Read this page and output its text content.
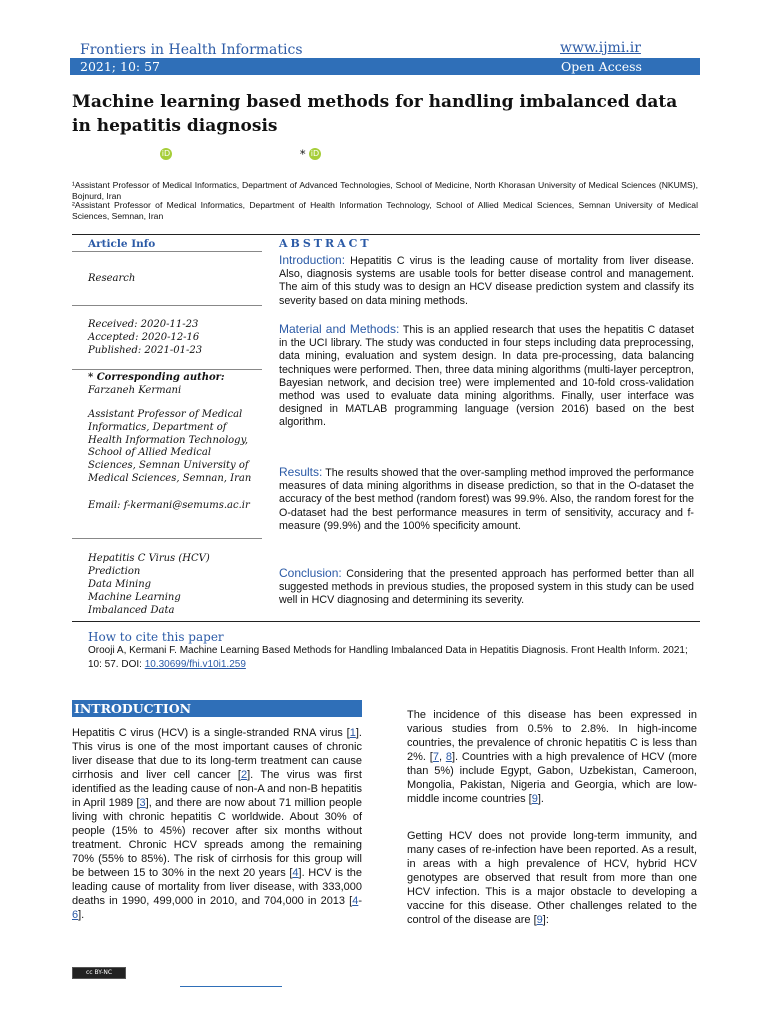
Frontiers in Health Informatics	www.ijmi.ir
2021; 10: 57	Open Access
Machine learning based methods for handling imbalanced data in hepatitis diagnosis
iD	* iD
¹Assistant Professor of Medical Informatics, Department of Advanced Technologies, School of Medicine, North Khorasan University of Medical Sciences (NKUMS), Bojnurd, Iran
²Assistant Professor of Medical Informatics, Department of Health Information Technology, School of Allied Medical Sciences, Semnan University of Medical Sciences, Semnan, Iran
Article Info
Research
Received: 2020-11-23
Accepted: 2020-12-16
Published: 2021-01-23
* Corresponding author:
Farzaneh Kermani
Assistant Professor of Medical Informatics, Department of Health Information Technology, School of Allied Medical Sciences, Semnan University of Medical Sciences, Semnan, Iran
Email: f-kermani@semums.ac.ir
Hepatitis C Virus (HCV)
Prediction
Data Mining
Machine Learning
Imbalanced Data
ABSTRACT
Introduction: Hepatitis C virus is the leading cause of mortality from liver disease. Also, diagnosis systems are usable tools for better disease control and management. The aim of this study was to design an HCV disease prediction system and classify its severity based on data mining methods.
Material and Methods: This is an applied research that uses the hepatitis C dataset in the UCI library. The study was conducted in four steps including data preprocessing, data mining, evaluation and system design. In data pre-processing, data balancing techniques were performed. Then, three data mining algorithms (multi-layer perceptron, Bayesian network, and decision tree) were implemented and 10-fold cross-validation method was used to evaluate data mining algorithms. Finally, user interface was designed in MATLAB programming language (version 2016) based on the best algorithm.
Results: The results showed that the over-sampling method improved the performance measures of data mining algorithms in disease prediction, so that in the O-dataset the accuracy of the best method (random forest) was 99.9%. Also, the random forest for the O-dataset had the best performance measures in term of sensitivity, accuracy and f-measure (99.9%) and the 100% specificity amount.
Conclusion: Considering that the presented approach has performed better than all suggested methods in previous studies, the proposed system in this study can be used well in HCV diagnosing and determining its severity.
How to cite this paper
Orooji A, Kermani F. Machine Learning Based Methods for Handling Imbalanced Data in Hepatitis Diagnosis. Front Health Inform. 2021; 10: 57. DOI: 10.30699/fhi.v10i1.259
INTRODUCTION
Hepatitis C virus (HCV) is a single-stranded RNA virus [1]. This virus is one of the most important causes of chronic liver disease that due to its long-term treatment can cause cirrhosis and liver cell cancer [2]. The virus was first identified as the leading cause of non-A and non-B hepatitis in April 1989 [3], and there are now about 71 million people living with chronic hepatitis C worldwide. About 30% of people (15% to 45%) recover after six months without treatment. Chronic HCV spreads among the remaining 70% (55% to 85%). The risk of cirrhosis for this group will be between 15 to 30% in the next 20 years [4]. HCV is the leading cause of mortality from liver disease, with 333,000 deaths in 1990, 499,000 in 2010, and 704,000 in 2013 [4-6].
The incidence of this disease has been expressed in various studies from 0.5% to 2.8%. In high-income countries, the prevalence of chronic hepatitis C is less than 2%. [7, 8]. Countries with a high prevalence of HCV (more than 5%) include Egypt, Gabon, Uzbekistan, Cameroon, Mongolia, Pakistan, Nigeria and Georgia, which are low-middle income countries [9].
Getting HCV does not provide long-term immunity, and many cases of re-infection have been reported. As a result, in areas with a high prevalence of HCV, hybrid HCV genotypes are observed that result from more than one HCV infection. This is a major obstacle to developing a vaccine for this disease. Other challenges related to the control of the disease are [9]:
cc BY-NC
